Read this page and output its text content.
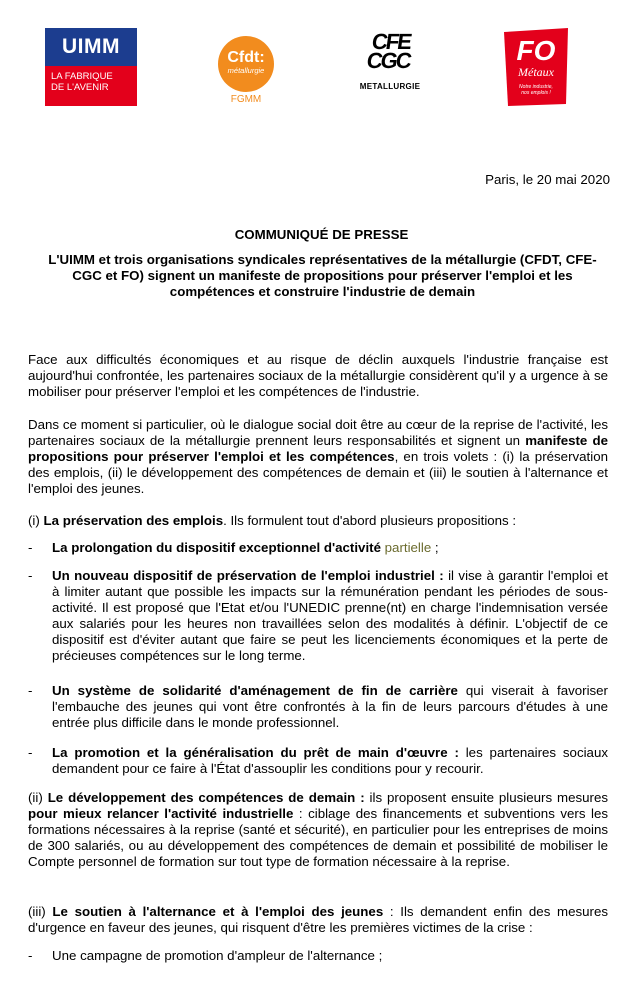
UIMM
LA FABRIQUE
DE L'AVENIR
Cfdt:
métallurgie
FGMM
CFE
CGC
METALLURGIE
FO
Métaux
Notre industrie,
nos emplois !

Paris, le 20 mai 2020

COMMUNIQUÉ DE PRESSE

L'UIMM et trois organisations syndicales représentatives de la métallurgie (CFDT, CFE-CGC et FO) signent un manifeste de propositions pour préserver l'emploi et les compétences et construire l'industrie de demain

Face aux difficultés économiques et au risque de déclin auxquels l'industrie française est aujourd'hui confrontée, les partenaires sociaux de la métallurgie considèrent qu'il y a urgence à se mobiliser pour préserver l'emploi et les compétences de l'industrie.

Dans ce moment si particulier, où le dialogue social doit être au cœur de la reprise de l'activité, les partenaires sociaux de la métallurgie prennent leurs responsabilités et signent un manifeste de propositions pour préserver l'emploi et les compétences, en trois volets : (i) la préservation des emplois, (ii) le développement des compétences de demain et (iii) le soutien à l'alternance et l'emploi des jeunes.

(i) La préservation des emplois. Ils formulent tout d'abord plusieurs propositions :

- La prolongation du dispositif exceptionnel d'activité partielle ;
- Un nouveau dispositif de préservation de l'emploi industriel : il vise à garantir l'emploi et à limiter autant que possible les impacts sur la rémunération pendant les périodes de sous-activité. Il est proposé que l'Etat et/ou l'UNEDIC prenne(nt) en charge l'indemnisation versée aux salariés pour les heures non travaillées selon des modalités à définir. L'objectif de ce dispositif est d'éviter autant que faire se peut les licenciements économiques et la perte de précieuses compétences sur le long terme.
- Un système de solidarité d'aménagement de fin de carrière qui viserait à favoriser l'embauche des jeunes qui vont être confrontés à la fin de leurs parcours d'études à une entrée plus difficile dans le monde professionnel.
- La promotion et la généralisation du prêt de main d'œuvre : les partenaires sociaux demandent pour ce faire à l'État d'assouplir les conditions pour y recourir.

(ii) Le développement des compétences de demain : ils proposent ensuite plusieurs mesures pour mieux relancer l'activité industrielle : ciblage des financements et subventions vers les formations nécessaires à la reprise (santé et sécurité), en particulier pour les entreprises de moins de 300 salariés, ou au développement des compétences de demain et possibilité de mobiliser le Compte personnel de formation sur tout type de formation nécessaire à la reprise.

(iii) Le soutien à l'alternance et à l'emploi des jeunes : Ils demandent enfin des mesures d'urgence en faveur des jeunes, qui risquent d'être les premières victimes de la crise :

- Une campagne de promotion d'ampleur de l'alternance ;
